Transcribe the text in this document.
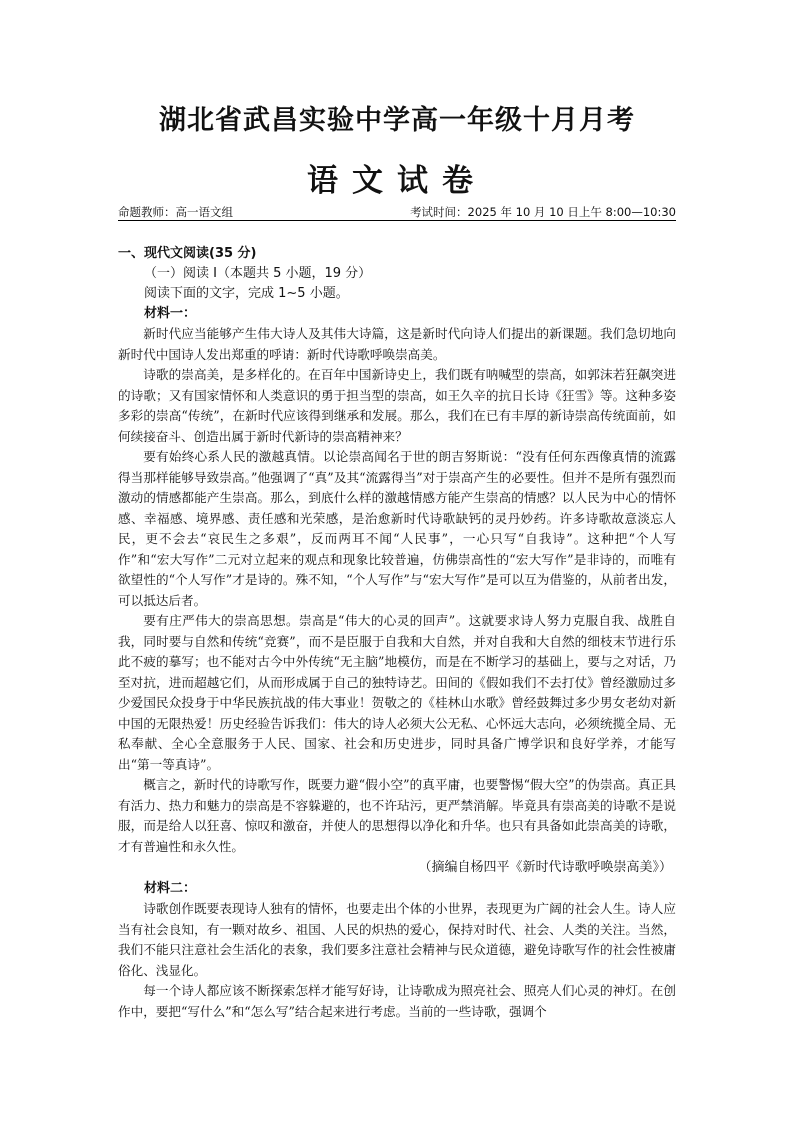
湖北省武昌实验中学高一年级十月月考
语文试卷
命题教师：高一语文组	考试时间：2025 年 10 月 10 日上午 8:00—10:30
一、现代文阅读(35 分)
（一）阅读 I（本题共 5 小题，19 分）
阅读下面的文字，完成 1~5 小题。
材料一：

新时代应当能够产生伟大诗人及其伟大诗篇，这是新时代向诗人们提出的新课题。我们急切地向新时代中国诗人发出郑重的呼请：新时代诗歌呼唤崇高美。

诗歌的崇高美，是多样化的。在百年中国新诗史上，我们既有呐喊型的崇高，如郭沫若狂飙突进的诗歌；又有国家情怀和人类意识的勇于担当型的崇高，如王久辛的抗日长诗《狂雪》等。这种多姿多彩的崇高“传统”，在新时代应该得到继承和发展。那么，我们在已有丰厚的新诗崇高传统面前，如何续接奋斗、创造出属于新时代新诗的崇高精神来？

要有始终心系人民的激越真情。以论崇高闻名于世的朗吉努斯说：“没有任何东西像真情的流露得当那样能够导致崇高。”他强调了“真”及其“流露得当”对于崇高产生的必要性。但并不是所有强烈而激动的情感都能产生崇高。那么，到底什么样的激越情感方能产生崇高的情感？以人民为中心的情怀感、幸福感、境界感、责任感和光荣感，是治愈新时代诗歌缺钙的灵丹妙药。许多诗歌故意淡忘人民，更不会去“哀民生之多艰”，反而两耳不闻“人民事”，一心只写“自我诗”。这种把“个人写作”和“宏大写作”二元对立起来的观点和现象比较普遍，仿佛崇高性的“宏大写作”是非诗的，而唯有欲望性的“个人写作”才是诗的。殊不知，“个人写作”与“宏大写作”是可以互为借鉴的，从前者出发，可以抵达后者。

要有庄严伟大的崇高思想。崇高是“伟大的心灵的回声”。这就要求诗人努力克服自我、战胜自我，同时要与自然和传统“竞赛”，而不是臣服于自我和大自然，并对自我和大自然的细枝末节进行乐此不疲的摹写；也不能对古今中外传统“无主脑”地模仿，而是在不断学习的基础上，要与之对话，乃至对抗，进而超越它们，从而形成属于自己的独特诗艺。田间的《假如我们不去打仗》曾经激励过多少爱国民众投身于中华民族抗战的伟大事业！贺敬之的《桂林山水歌》曾经鼓舞过多少男女老幼对新中国的无限热爱！历史经验告诉我们：伟大的诗人必须大公无私、心怀远大志向，必须统揽全局、无私奉献、全心全意服务于人民、国家、社会和历史进步，同时具备广博学识和良好学养，才能写出“第一等真诗”。

概言之，新时代的诗歌写作，既要力避“假小空”的真平庸，也要警惕“假大空”的伪崇高。真正具有活力、热力和魅力的崇高是不容躲避的，也不许玷污，更严禁消解。毕竟具有崇高美的诗歌不是说服，而是给人以狂喜、惊叹和激奋，并使人的思想得以净化和升华。也只有具备如此崇高美的诗歌，才有普遍性和永久性。

（摘编自杨四平《新时代诗歌呼唤崇高美》）
材料二：

诗歌创作既要表现诗人独有的情怀，也要走出个体的小世界，表现更为广阔的社会人生。诗人应当有社会良知，有一颗对故乡、祖国、人民的炽热的爱心，保持对时代、社会、人类的关注。当然，我们不能只注意社会生活化的表象，我们要多注意社会精神与民众道德，避免诗歌写作的社会性被庸俗化、浅显化。

每一个诗人都应该不断探索怎样才能写好诗，让诗歌成为照亮社会、照亮人们心灵的神灯。在创作中，要把“写什么”和“怎么写”结合起来进行考虑。当前的一些诗歌，强调个
